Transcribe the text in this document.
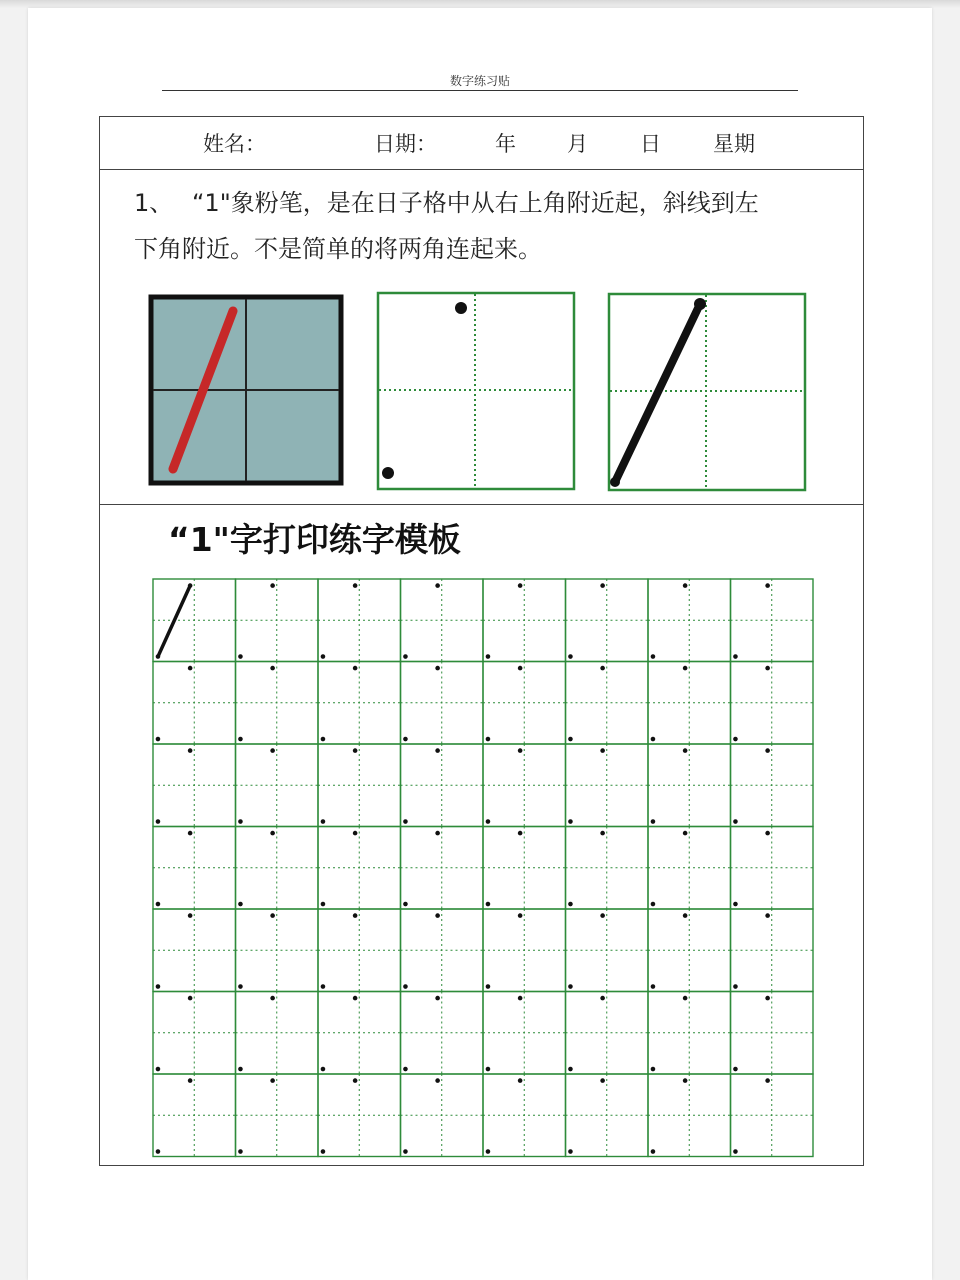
数字练习贴
姓名：	日期：	年 月 日 星期
1、 “1"象粉笔，是在日子格中从右上角附近起，斜线到左
下角附近。不是简单的将两角连起来。
“1"字打印练字模板
